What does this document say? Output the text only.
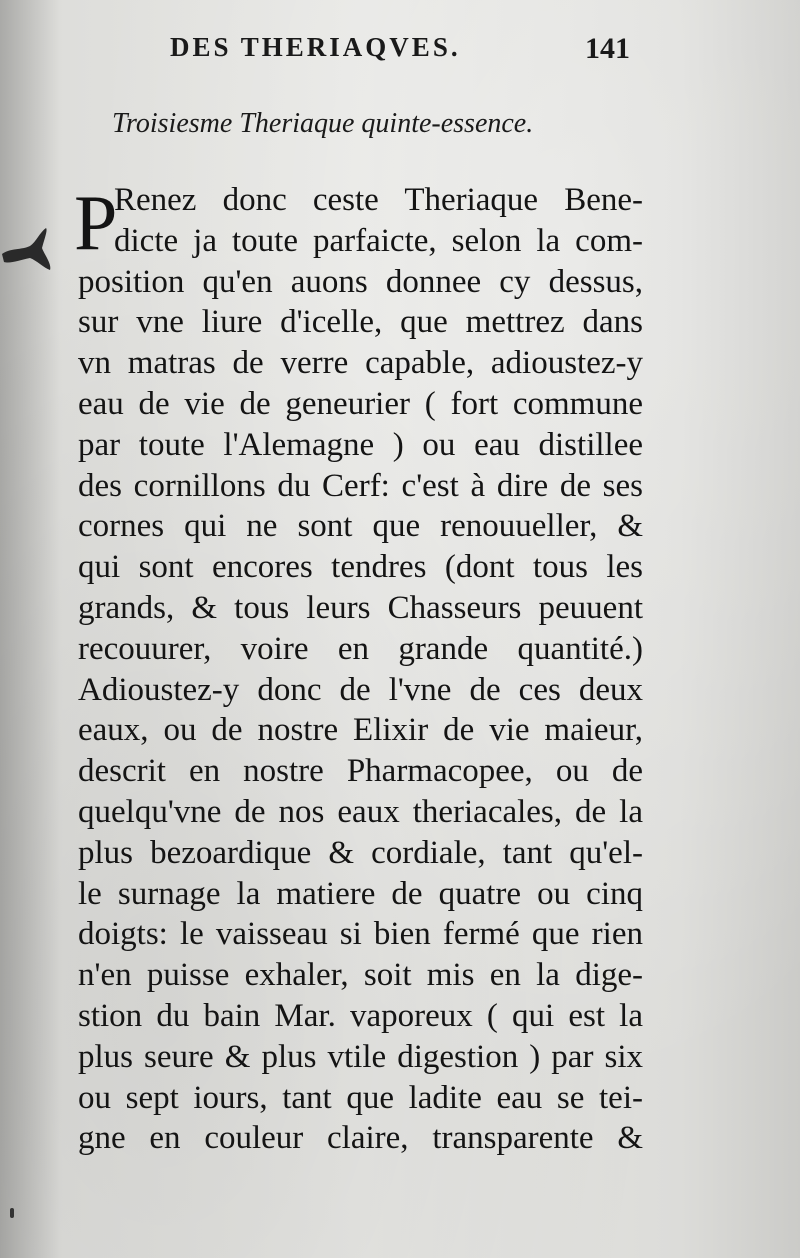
DES THERIAQVES.	141
Troisiesme Theriaque quinte-essence.
P
Renez donc ceste Theriaque Bene-
dicte ja toute parfaicte, selon la com-
position qu'en auons donnee cy dessus,
sur vne liure d'icelle, que mettrez dans
vn matras de verre capable, adioustez-y
eau de vie de geneurier ( fort commune
par toute l'Alemagne ) ou eau distillee
des cornillons du Cerf: c'est à dire de ses
cornes qui ne sont que renouueller, &
qui sont encores tendres (dont tous les
grands, & tous leurs Chasseurs peuuent
recouurer, voire en grande quantité.)
Adioustez-y donc de l'vne de ces deux
eaux, ou de nostre Elixir de vie maieur,
descrit en nostre Pharmacopee, ou de
quelqu'vne de nos eaux theriacales, de la
plus bezoardique & cordiale, tant qu'el-
le surnage la matiere de quatre ou cinq
doigts: le vaisseau si bien fermé que rien
n'en puisse exhaler, soit mis en la dige-
stion du bain Mar. vaporeux ( qui est la
plus seure & plus vtile digestion ) par six
ou sept iours, tant que ladite eau se tei-
gne en couleur claire, transparente &
